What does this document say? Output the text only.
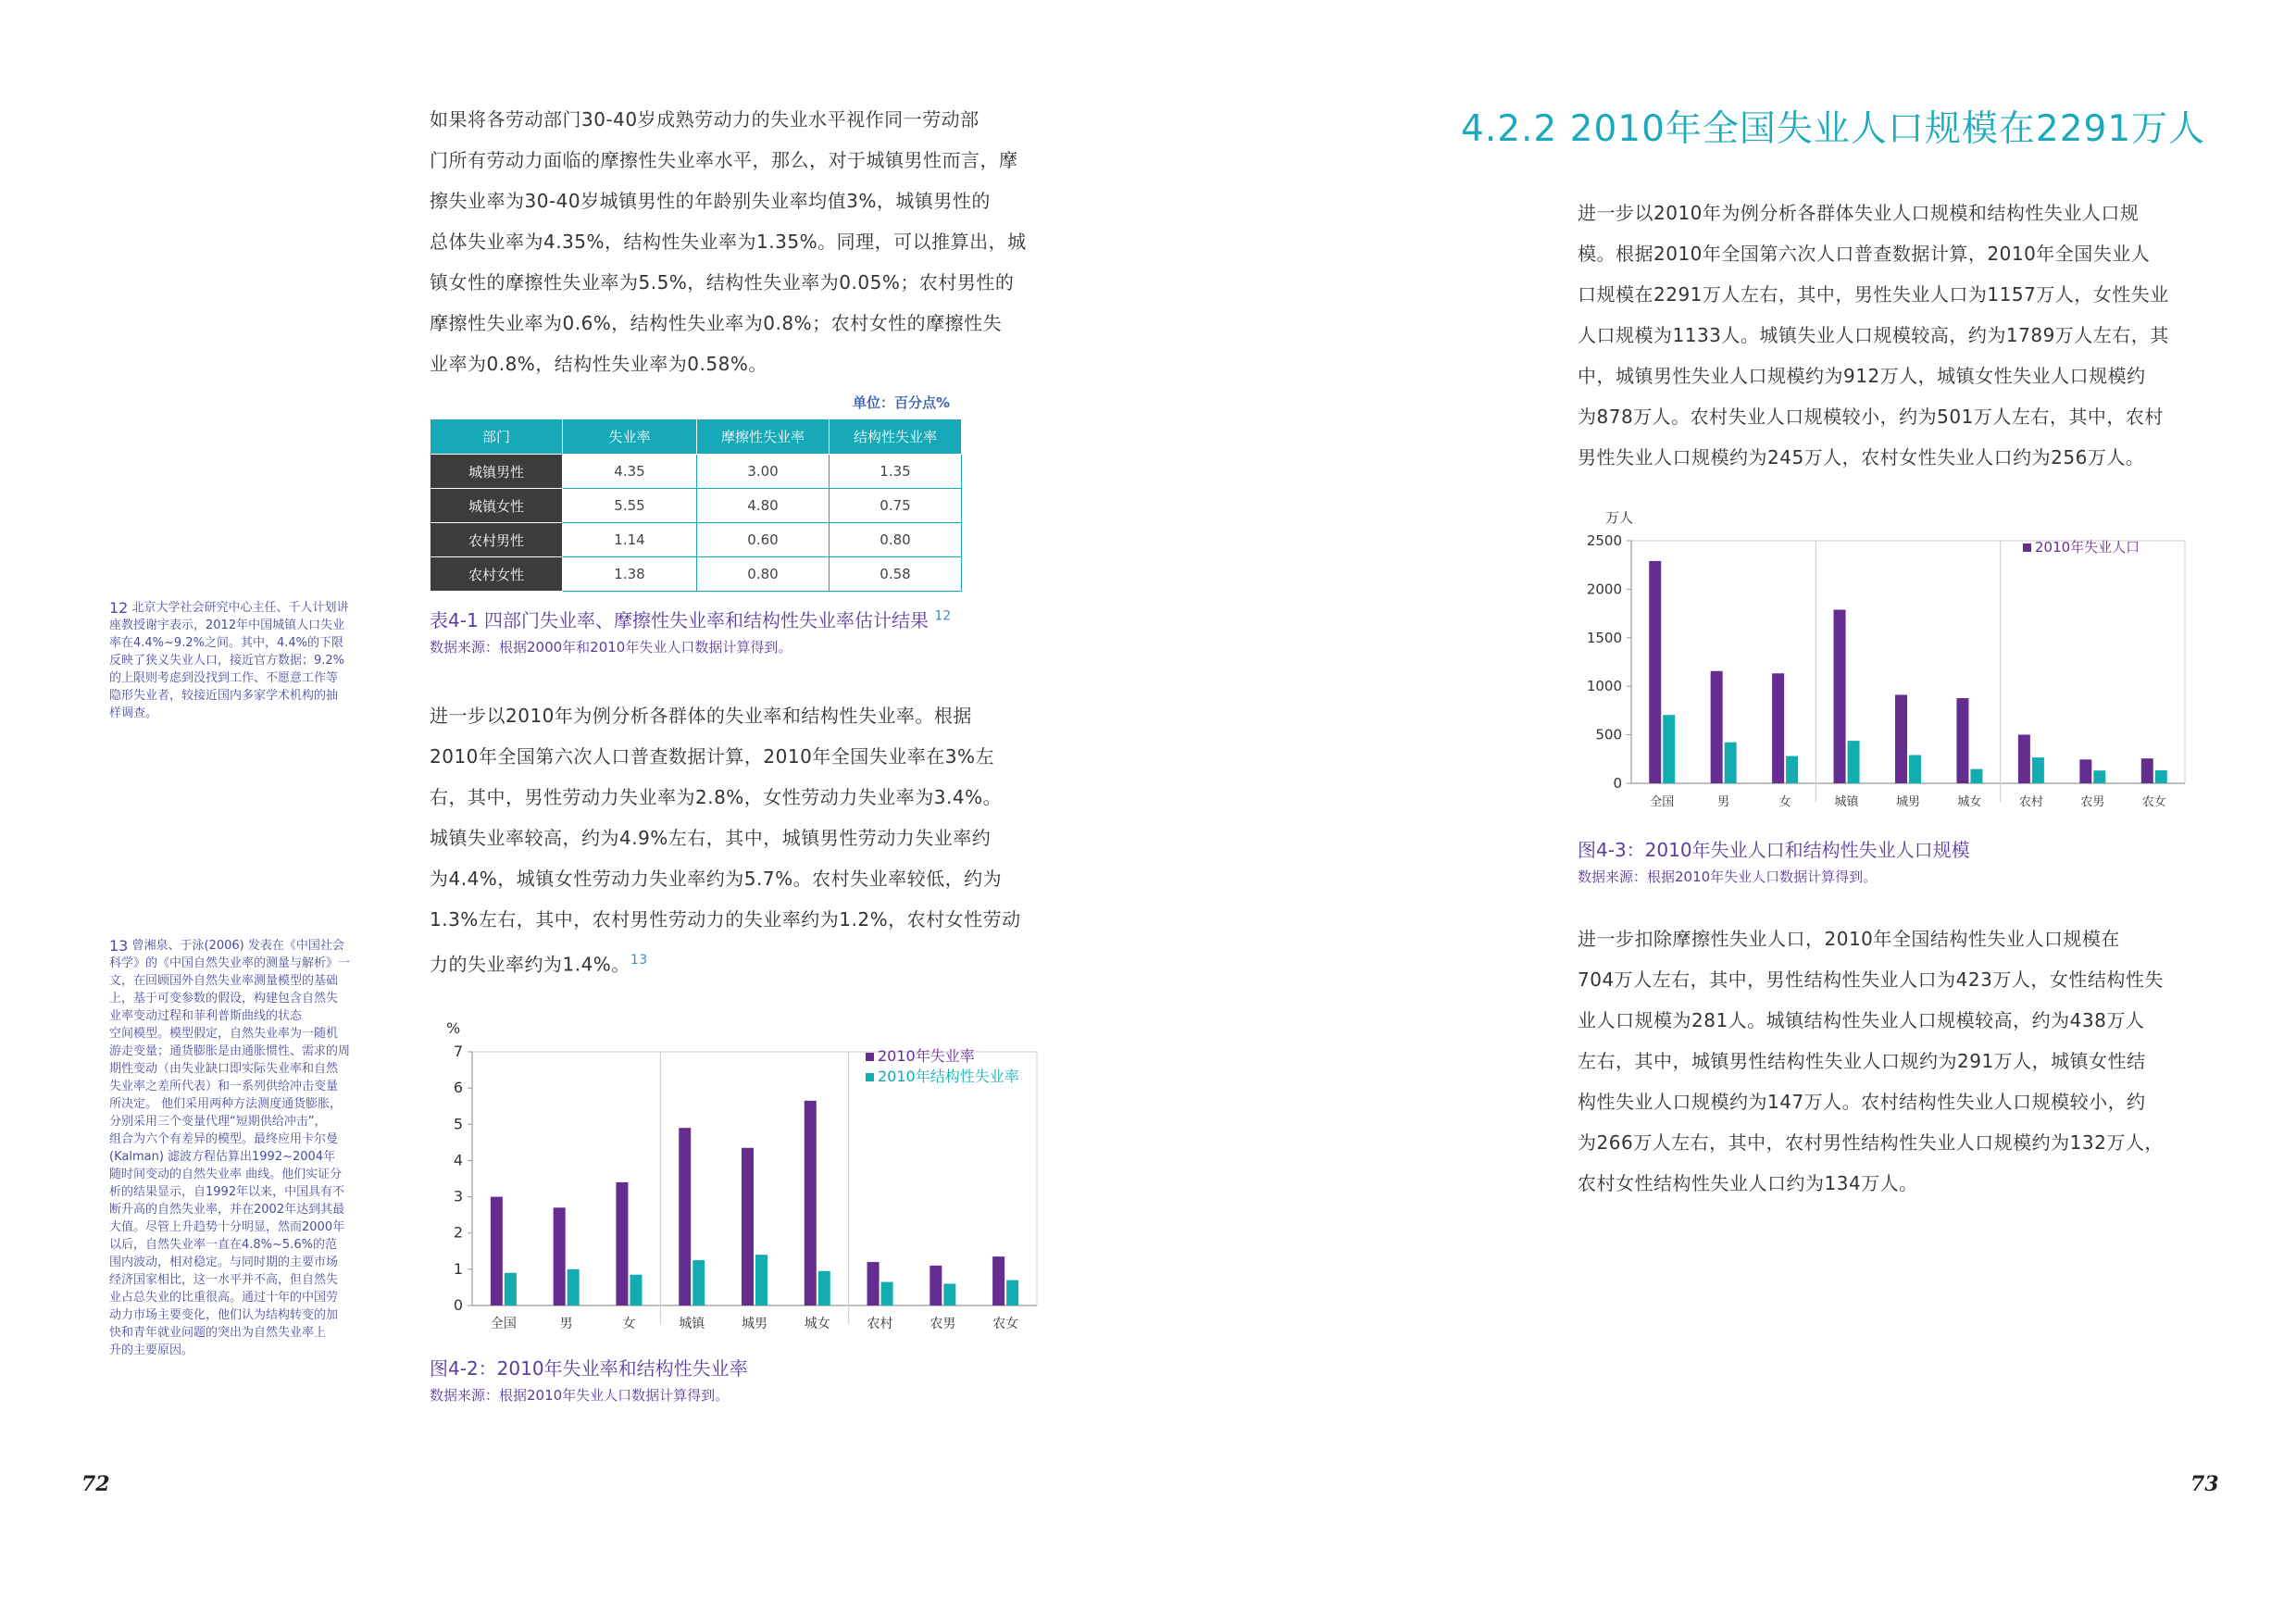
如果将各劳动部门30-40岁成熟劳动力的失业水平视作同一劳动部

门所有劳动力面临的摩擦性失业率水平，那么，对于城镇男性而言，摩

擦失业率为30-40岁城镇男性的年龄别失业率均值3%，城镇男性的

总体失业率为4.35%，结构性失业率为1.35%。同理，可以推算出，城

镇女性的摩擦性失业率为5.5%，结构性失业率为0.05%；农村男性的

摩擦性失业率为0.6%，结构性失业率为0.8%；农村女性的摩擦性失

业率为0.8%，结构性失业率为0.58%。

单位：百分点%
部门	失业率	摩擦性失业率	结构性失业率
城镇男性	4.35	3.00	1.35
城镇女性	5.55	4.80	0.75
农村男性	1.14	0.60	0.80
农村女性	1.38	0.80	0.58
表4-1 四部门失业率、摩擦性失业率和结构性失业率估计结果 $^{12}$
数据来源：根据2000年和2010年失业人口数据计算得到。

进一步以2010年为例分析各群体的失业率和结构性失业率。根据

2010年全国第六次人口普查数据计算，2010年全国失业率在3%左

右，其中，男性劳动力失业率为2.8%，女性劳动力失业率为3.4%。

城镇失业率较高，约为4.9%左右，其中，城镇男性劳动力失业率约

为4.4%，城镇女性劳动力失业率约为5.7%。农村失业率较低，约为

1.3%左右，其中，农村男性劳动力的失业率约为1.2%，农村女性劳动

力的失业率约为1.4%。$^{13}$

12 北京大学社会研究中心主任、千人计划讲
座教授谢宇表示，2012年中国城镇人口失业
率在4.4%~9.2%之间。其中，4.4%的下限
反映了狭义失业人口，接近官方数据；9.2%
的上限则考虑到没找到工作、不愿意工作等
隐形失业者，较接近国内多家学术机构的抽
样调查。
13 曾湘泉、于泳(2006) 发表在《中国社会
科学》的《中国自然失业率的测量与解析》一
文，在回顾国外自然失业率测量模型的基础
上，基于可变参数的假设，构建包含自然失
业率变动过程和菲利普斯曲线的状态
空间模型。模型假定，自然失业率为一随机
游走变量；通货膨胀是由通胀惯性、需求的周
期性变动（由失业缺口即实际失业率和自然
失业率之差所代表）和一系列供给冲击变量
所决定。 他们采用两种方法测度通货膨胀，
分别采用三个变量代理“短期供给冲击”，
组合为六个有差异的模型。最终应用卡尔曼
(Kalman) 滤波方程估算出1992~2004年
随时间变动的自然失业率 曲线。他们实证分
析的结果显示，自1992年以来，中国具有不
断升高的自然失业率，并在2002年达到其最
大值。尽管上升趋势十分明显，然而2000年
以后，自然失业率一直在4.8%~5.6%的范
围内波动，相对稳定。与同时期的主要市场
经济国家相比，这一水平并不高，但自然失
业占总失业的比重很高。通过十年的中国劳
动力市场主要变化，他们认为结构转变的加
快和青年就业问题的突出为自然失业率上
升的主要原因。
%
0
1
2
3
4
5
6
7
全国	男	女	城镇	城男	城女	农村	农男	农女
2010年失业率
2010年结构性失业率
图4-2：2010年失业率和结构性失业率
数据来源：根据2010年失业人口数据计算得到。
72
4.2.2 2010年全国失业人口规模在2291万人

进一步以2010年为例分析各群体失业人口规模和结构性失业人口规

模。根据2010年全国第六次人口普查数据计算，2010年全国失业人

口规模在2291万人左右，其中，男性失业人口为1157万人，女性失业

人口规模为1133人。城镇失业人口规模较高，约为1789万人左右，其

中，城镇男性失业人口规模约为912万人，城镇女性失业人口规模约

为878万人。农村失业人口规模较小，约为501万人左右，其中，农村

男性失业人口规模约为245万人，农村女性失业人口约为256万人。

万人
0
500
1000
1500
2000
2500
全国	男	女	城镇	城男	城女	农村	农男	农女
2010年失业人口
图4-3：2010年失业人口和结构性失业人口规模
数据来源：根据2010年失业人口数据计算得到。

进一步扣除摩擦性失业人口，2010年全国结构性失业人口规模在

704万人左右，其中，男性结构性失业人口为423万人，女性结构性失

业人口规模为281人。城镇结构性失业人口规模较高，约为438万人

左右，其中，城镇男性结构性失业人口规约为291万人，城镇女性结

构性失业人口规模约为147万人。农村结构性失业人口规模较小，约

为266万人左右，其中，农村男性结构性失业人口规模约为132万人，

农村女性结构性失业人口约为134万人。

73
